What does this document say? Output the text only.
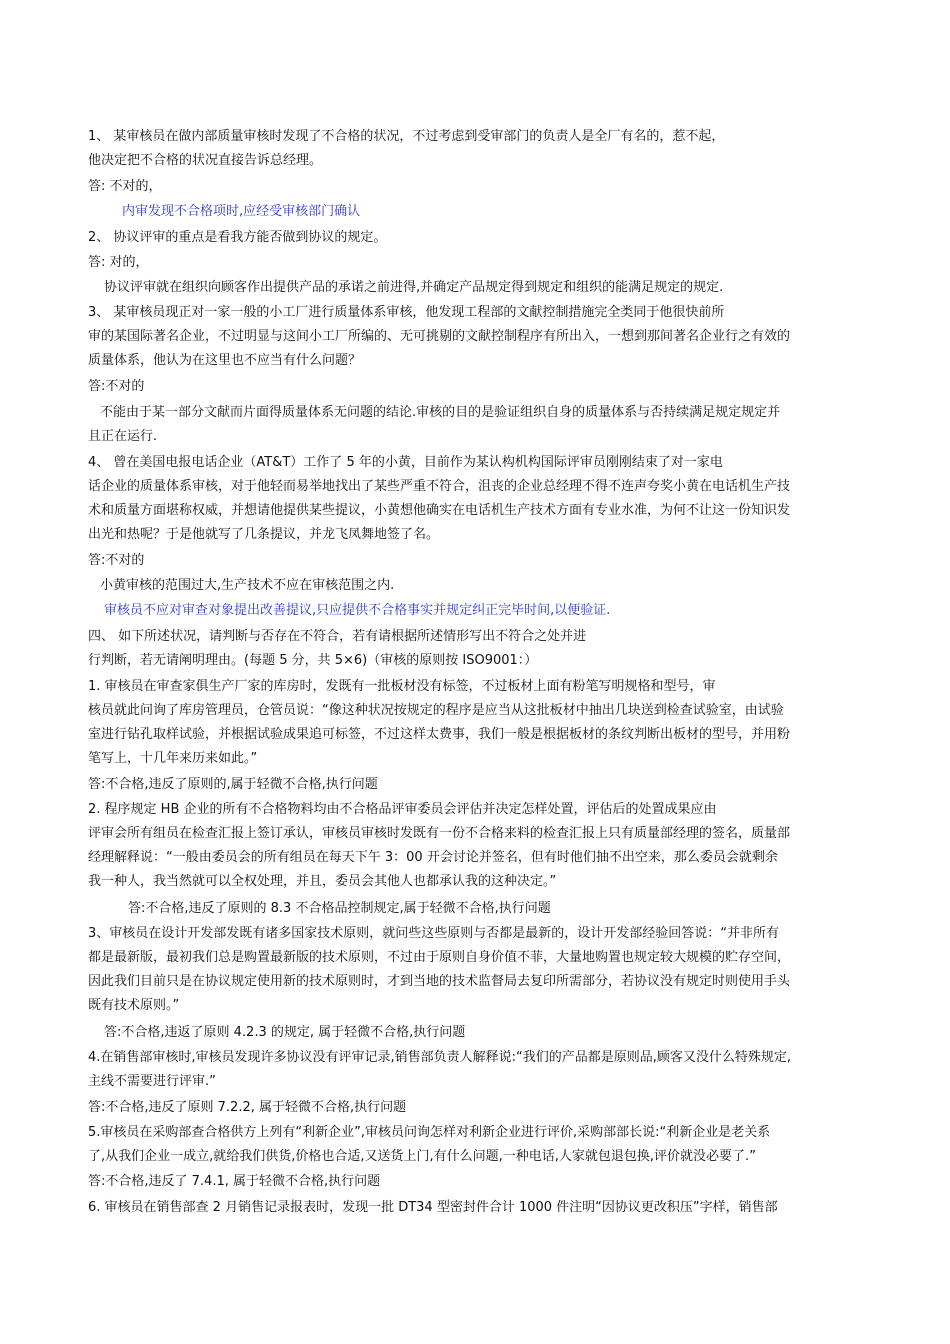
1、 某审核员在做内部质量审核时发现了不合格的状况，不过考虑到受审部门的负责人是全厂有名的，惹不起，
他决定把不合格的状况直接告诉总经理。
答: 不对的，
内审发现不合格项时,应经受审核部门确认
2、 协议评审的重点是看我方能否做到协议的规定。
答: 对的，
协议评审就在组织向顾客作出提供产品的承诺之前进得,并确定产品规定得到规定和组织的能满足规定的规定.
3、 某审核员现正对一家一般的小工厂进行质量体系审核，他发现工程部的文献控制措施完全类同于他很快前所
审的某国际著名企业，不过明显与这间小工厂所编的、无可挑剔的文献控制程序有所出入，一想到那间著名企业行之有效的
质量体系，他认为在这里也不应当有什么问题？
答:不对的
不能由于某一部分文献而片面得质量体系无问题的结论.审核的目的是验证组织自身的质量体系与否持续满足规定规定并
且正在运行.
4、 曾在美国电报电话企业（AT&T）工作了 5 年的小黄，目前作为某认构机构国际评审员刚刚结束了对一家电
话企业的质量体系审核，对于他轻而易举地找出了某些严重不符合，沮丧的企业总经理不得不连声夸奖小黄在电话机生产技
术和质量方面堪称权威，并想请他提供某些提议，小黄想他确实在电话机生产技术方面有专业水准，为何不让这一份知识发
出光和热呢？于是他就写了几条提议，并龙飞凤舞地签了名。
答:不对的
小黄审核的范围过大,生产技术不应在审核范围之内.
审核员不应对审查对象提出改善提议,只应提供不合格事实并规定纠正完毕时间,以便验证.
四、 如下所述状况，请判断与否存在不符合，若有请根据所述情形写出不符合之处并进
行判断，若无请阐明理由。(每题 5 分，共 5×6)（审核的原则按 ISO9001：）
1. 审核员在审查家俱生产厂家的库房时，发既有一批板材没有标签，不过板材上面有粉笔写明规格和型号，审
核员就此问询了库房管理员，仓管员说：“像这种状况按规定的程序是应当从这批板材中抽出几块送到检查试验室，由试验
室进行钻孔取样试验，并根据试验成果追可标签，不过这样太费事，我们一般是根据板材的条纹判断出板材的型号，并用粉
笔写上，十几年来历来如此。”
答:不合格,违反了原则的,属于轻微不合格,执行问题
2. 程序规定 HB 企业的所有不合格物料均由不合格品评审委员会评估并决定怎样处置，评估后的处置成果应由
评审会所有组员在检查汇报上签订承认，审核员审核时发既有一份不合格来料的检查汇报上只有质量部经理的签名，质量部
经理解释说：“一般由委员会的所有组员在每天下午 3：00 开会讨论并签名，但有时他们抽不出空来，那么委员会就剩余
我一种人，我当然就可以全权处理，并且，委员会其他人也都承认我的这种决定。”
答:不合格,违反了原则的 8.3 不合格品控制规定,属于轻微不合格,执行问题
3、审核员在设计开发部发既有诸多国家技术原则，就问些这些原则与否都是最新的，设计开发部经验回答说：“并非所有
都是最新版，最初我们总是购置最新版的技术原则，不过由于原则自身价值不菲，大量地购置也规定较大规模的贮存空间，
因此我们目前只是在协议规定使用新的技术原则时，才到当地的技术监督局去复印所需部分，若协议没有规定时则使用手头
既有技术原则。”
答:不合格,违返了原则 4.2.3 的规定, 属于轻微不合格,执行问题
4.在销售部审核时,审核员发现许多协议没有评审记录,销售部负责人解释说:“我们的产品都是原则品,顾客又没什么特殊规定,
主线不需要进行评审.”
答:不合格,违反了原则 7.2.2, 属于轻微不合格,执行问题
5.审核员在采购部查合格供方上列有“利新企业”,审核员问询怎样对利新企业进行评价,采购部部长说:“利新企业是老关系
了,从我们企业一成立,就给我们供货,价格也合适,又送货上门,有什么问题,一种电话,人家就包退包换,评价就没必要了.”
答:不合格,违反了 7.4.1, 属于轻微不合格,执行问题
6. 审核员在销售部查 2 月销售记录报表时，发现一批 DT34 型密封件合计 1000 件注明“因协议更改积压”字样，销售部
